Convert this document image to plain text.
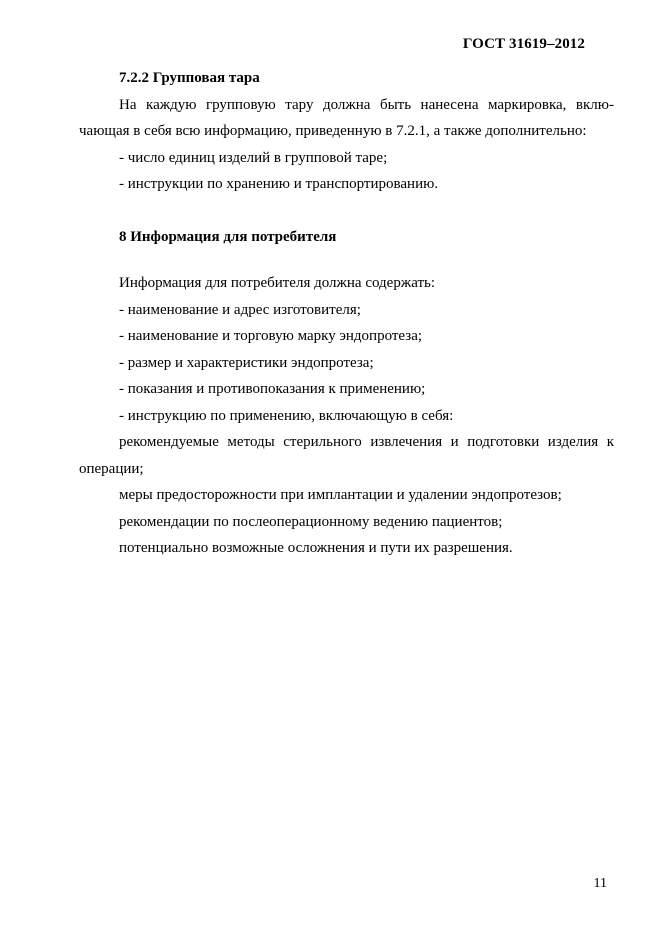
ГОСТ 31619–2012
7.2.2 Групповая тара
На каждую групповую тару должна быть нанесена маркировка, вклю-
чающая в себя всю информацию, приведенную в 7.2.1, а также дополнительно:
- число единиц изделий в групповой таре;
- инструкции по хранению и транспортированию.
8 Информация для потребителя
Информация для потребителя должна содержать:
- наименование и адрес изготовителя;
- наименование и торговую марку эндопротеза;
- размер и характеристики эндопротеза;
- показания и противопоказания к применению;
- инструкцию по применению, включающую в себя:
рекомендуемые методы стерильного извлечения и подготовки изделия к
операции;
меры предосторожности при имплантации и удалении эндопротезов;
рекомендации по послеоперационному ведению пациентов;
потенциально возможные осложнения и пути их разрешения.
11
